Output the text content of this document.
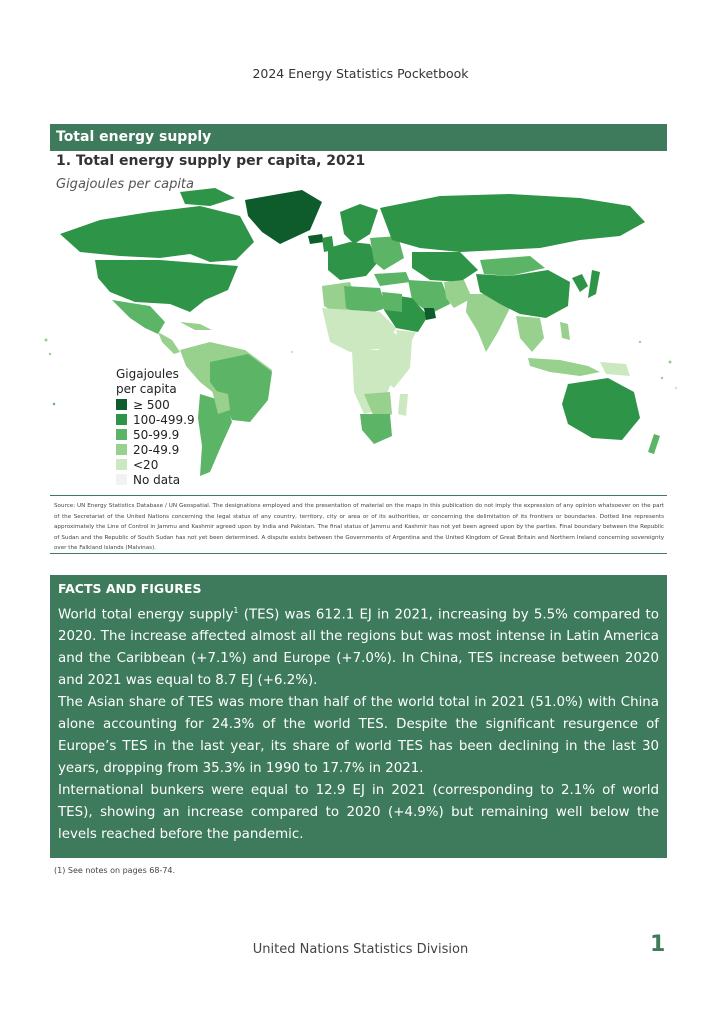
2024 Energy Statistics Pocketbook
Total energy supply
1. Total energy supply per capita, 2021
Gigajoules per capita
Gigajoules
per capita
≥ 500
100-499.9
50-99.9
20-49.9
<20
No data
Source: UN Energy Statistics Database / UN Geospatial. The designations employed and the presentation of material on the maps in this publication do not imply the expression of any opinion whatsoever on the part of the Secretariat of the United Nations concerning the legal status of any country, territory, city or area or of its authorities, or concerning the delimitation of its frontiers or boundaries. Dotted line represents approximately the Line of Control in Jammu and Kashmir agreed upon by India and Pakistan. The final status of Jammu and Kashmir has not yet been agreed upon by the parties. Final boundary between the Republic of Sudan and the Republic of South Sudan has not yet been determined. A dispute exists between the Governments of Argentina and the United Kingdom of Great Britain and Northern Ireland concerning sovereignty over the Falkland Islands (Malvinas).
FACTS AND FIGURES

World total energy supply$^1$ (TES) was 612.1 EJ in 2021, increasing by 5.5% compared to 2020. The increase affected almost all the regions but was most intense in Latin America and the Caribbean (+7.1%) and Europe (+7.0%). In China, TES increase between 2020 and 2021 was equal to 8.7 EJ (+6.2%).

The Asian share of TES was more than half of the world total in 2021 (51.0%) with China alone accounting for 24.3% of the world TES. Despite the significant resurgence of Europe’s TES in the last year, its share of world TES has been declining in the last 30 years, dropping from 35.3% in 1990 to 17.7% in 2021.

International bunkers were equal to 12.9 EJ in 2021 (corresponding to 2.1% of world TES), showing an increase compared to 2020 (+4.9%) but remaining well below the levels reached before the pandemic.

(1) See notes on pages 68-74.
United Nations Statistics Division	1
